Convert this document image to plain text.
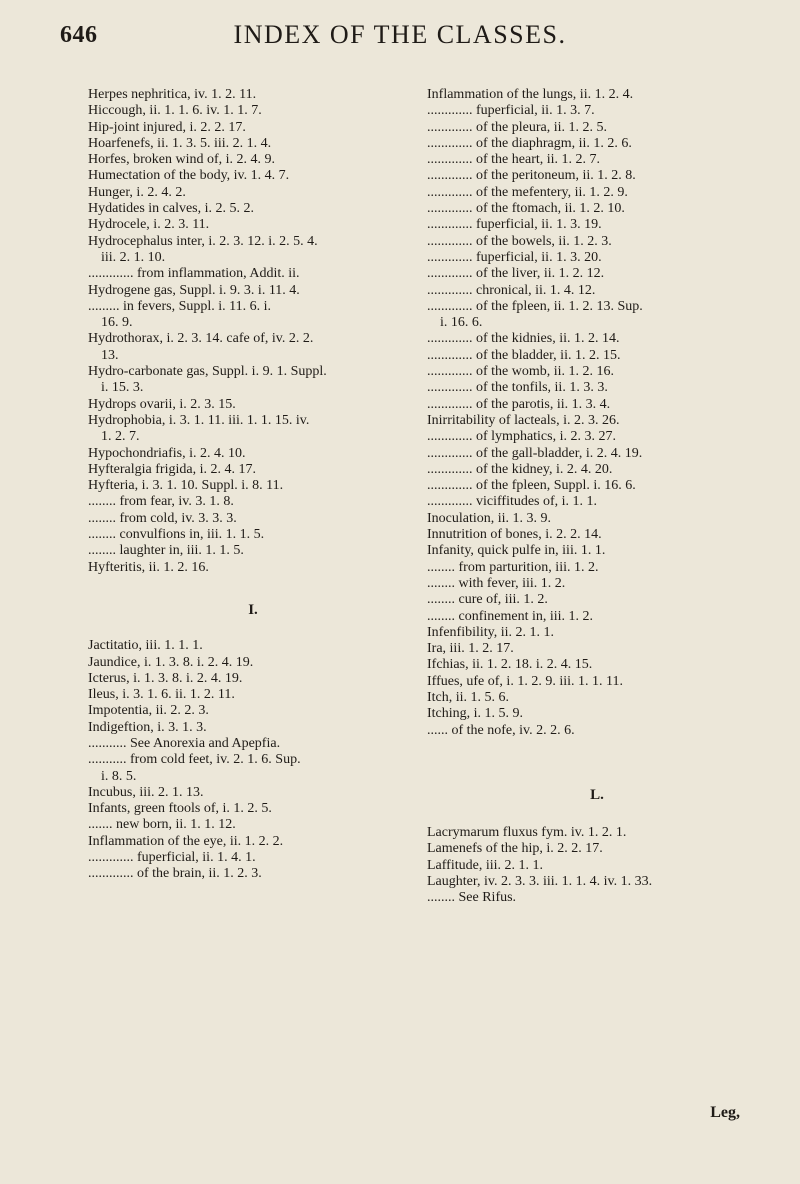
646	INDEX OF THE CLASSES.
Herpes nephritica, iv. 1. 2. 11.
Hiccough, ii. 1. 1. 6. iv. 1. 1. 7.
Hip-joint injured, i. 2. 2. 17.
Hoarfenefs, ii. 1. 3. 5. iii. 2. 1. 4.
Horfes, broken wind of, i. 2. 4. 9.
Humectation of the body, iv. 1. 4. 7.
Hunger, i. 2. 4. 2.
Hydatides in calves, i. 2. 5. 2.
Hydrocele, i. 2. 3. 11.
Hydrocephalus inter, i. 2. 3. 12. i. 2. 5. 4.
iii. 2. 1. 10.
............. from inflammation, Addit. ii.
Hydrogene gas, Suppl. i. 9. 3. i. 11. 4.
......... in fevers, Suppl. i. 11. 6. i.
16. 9.
Hydrothorax, i. 2. 3. 14. cafe of, iv. 2. 2.
13.
Hydro-carbonate gas, Suppl. i. 9. 1. Suppl.
i. 15. 3.
Hydrops ovarii, i. 2. 3. 15.
Hydrophobia, i. 3. 1. 11. iii. 1. 1. 15. iv.
1. 2. 7.
Hypochondriafis, i. 2. 4. 10.
Hyfteralgia frigida, i. 2. 4. 17.
Hyfteria, i. 3. 1. 10. Suppl. i. 8. 11.
........ from fear, iv. 3. 1. 8.
........ from cold, iv. 3. 3. 3.
........ convulfions in, iii. 1. 1. 5.
........ laughter in, iii. 1. 1. 5.
Hyfteritis, ii. 1. 2. 16.
I.
Jactitatio, iii. 1. 1. 1.
Jaundice, i. 1. 3. 8. i. 2. 4. 19.
Icterus, i. 1. 3. 8. i. 2. 4. 19.
Ileus, i. 3. 1. 6. ii. 1. 2. 11.
Impotentia, ii. 2. 2. 3.
Indigeftion, i. 3. 1. 3.
........... See Anorexia and Apepfia.
........... from cold feet, iv. 2. 1. 6. Sup.
i. 8. 5.
Incubus, iii. 2. 1. 13.
Infants, green ftools of, i. 1. 2. 5.
....... new born, ii. 1. 1. 12.
Inflammation of the eye, ii. 1. 2. 2.
............. fuperficial, ii. 1. 4. 1.
............. of the brain, ii. 1. 2. 3.
Inflammation of the lungs, ii. 1. 2. 4.
............. fuperficial, ii. 1. 3. 7.
............. of the pleura, ii. 1. 2. 5.
............. of the diaphragm, ii. 1. 2. 6.
............. of the heart, ii. 1. 2. 7.
............. of the peritoneum, ii. 1. 2. 8.
............. of the mefentery, ii. 1. 2. 9.
............. of the ftomach, ii. 1. 2. 10.
............. fuperficial, ii. 1. 3. 19.
............. of the bowels, ii. 1. 2. 3.
............. fuperficial, ii. 1. 3. 20.
............. of the liver, ii. 1. 2. 12.
............. chronical, ii. 1. 4. 12.
............. of the fpleen, ii. 1. 2. 13. Sup.
i. 16. 6.
............. of the kidnies, ii. 1. 2. 14.
............. of the bladder, ii. 1. 2. 15.
............. of the womb, ii. 1. 2. 16.
............. of the tonfils, ii. 1. 3. 3.
............. of the parotis, ii. 1. 3. 4.
Inirritability of lacteals, i. 2. 3. 26.
............. of lymphatics, i. 2. 3. 27.
............. of the gall-bladder, i. 2. 4. 19.
............. of the kidney, i. 2. 4. 20.
............. of the fpleen, Suppl. i. 16. 6.
............. viciffitudes of, i. 1. 1.
Inoculation, ii. 1. 3. 9.
Innutrition of bones, i. 2. 2. 14.
Infanity, quick pulfe in, iii. 1. 1.
........ from parturition, iii. 1. 2.
........ with fever, iii. 1. 2.
........ cure of, iii. 1. 2.
........ confinement in, iii. 1. 2.
Infenfibility, ii. 2. 1. 1.
Ira, iii. 1. 2. 17.
Ifchias, ii. 1. 2. 18. i. 2. 4. 15.
Iffues, ufe of, i. 1. 2. 9. iii. 1. 1. 11.
Itch, ii. 1. 5. 6.
Itching, i. 1. 5. 9.
...... of the nofe, iv. 2. 2. 6.
L.
Lacrymarum fluxus fym. iv. 1. 2. 1.
Lamenefs of the hip, i. 2. 2. 17.
Laffitude, iii. 2. 1. 1.
Laughter, iv. 2. 3. 3. iii. 1. 1. 4. iv. 1. 33.
........ See Rifus.
Leg,
